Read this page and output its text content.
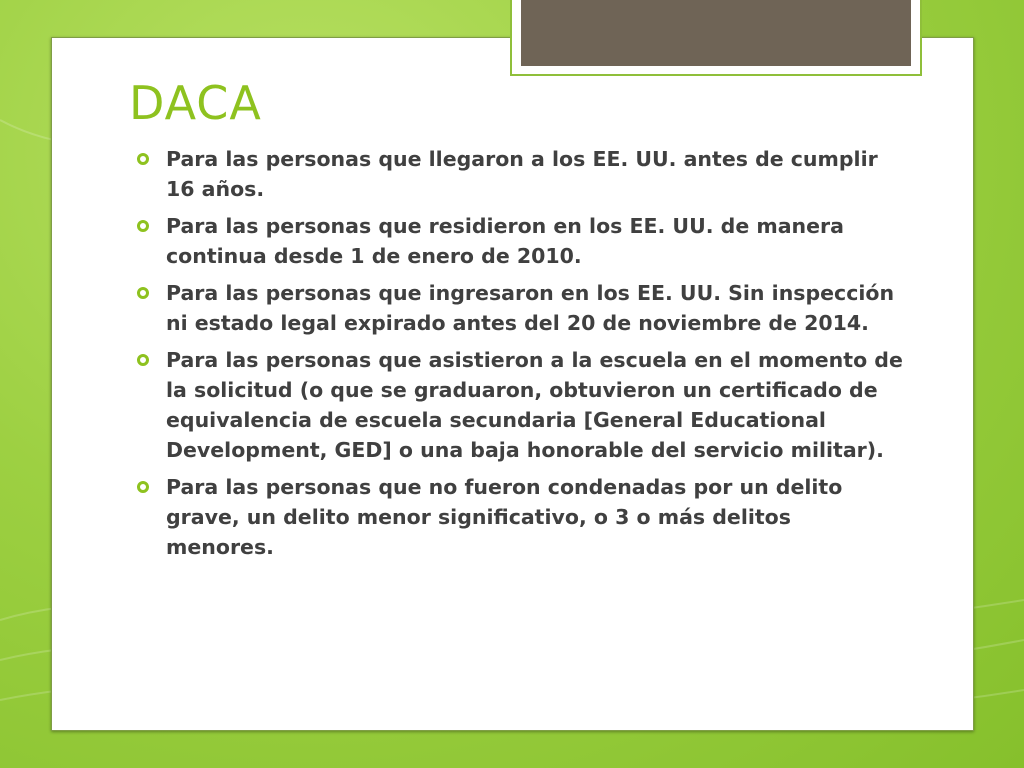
DACA
Para las personas que llegaron a los EE. UU. antes de cumplir 16 años.
Para las personas que residieron en los EE. UU. de manera continua desde 1 de enero de 2010.
Para las personas que ingresaron en los EE. UU. Sin inspección ni estado legal expirado antes del 20 de noviembre de 2014.
Para las personas que asistieron a la escuela en el momento de la solicitud (o que se graduaron, obtuvieron un certificado de equivalencia de escuela secundaria [General Educational Development, GED] o una baja honorable del servicio militar).
Para las personas que no fueron condenadas por un delito grave, un delito menor significativo, o 3 o más delitos menores.
